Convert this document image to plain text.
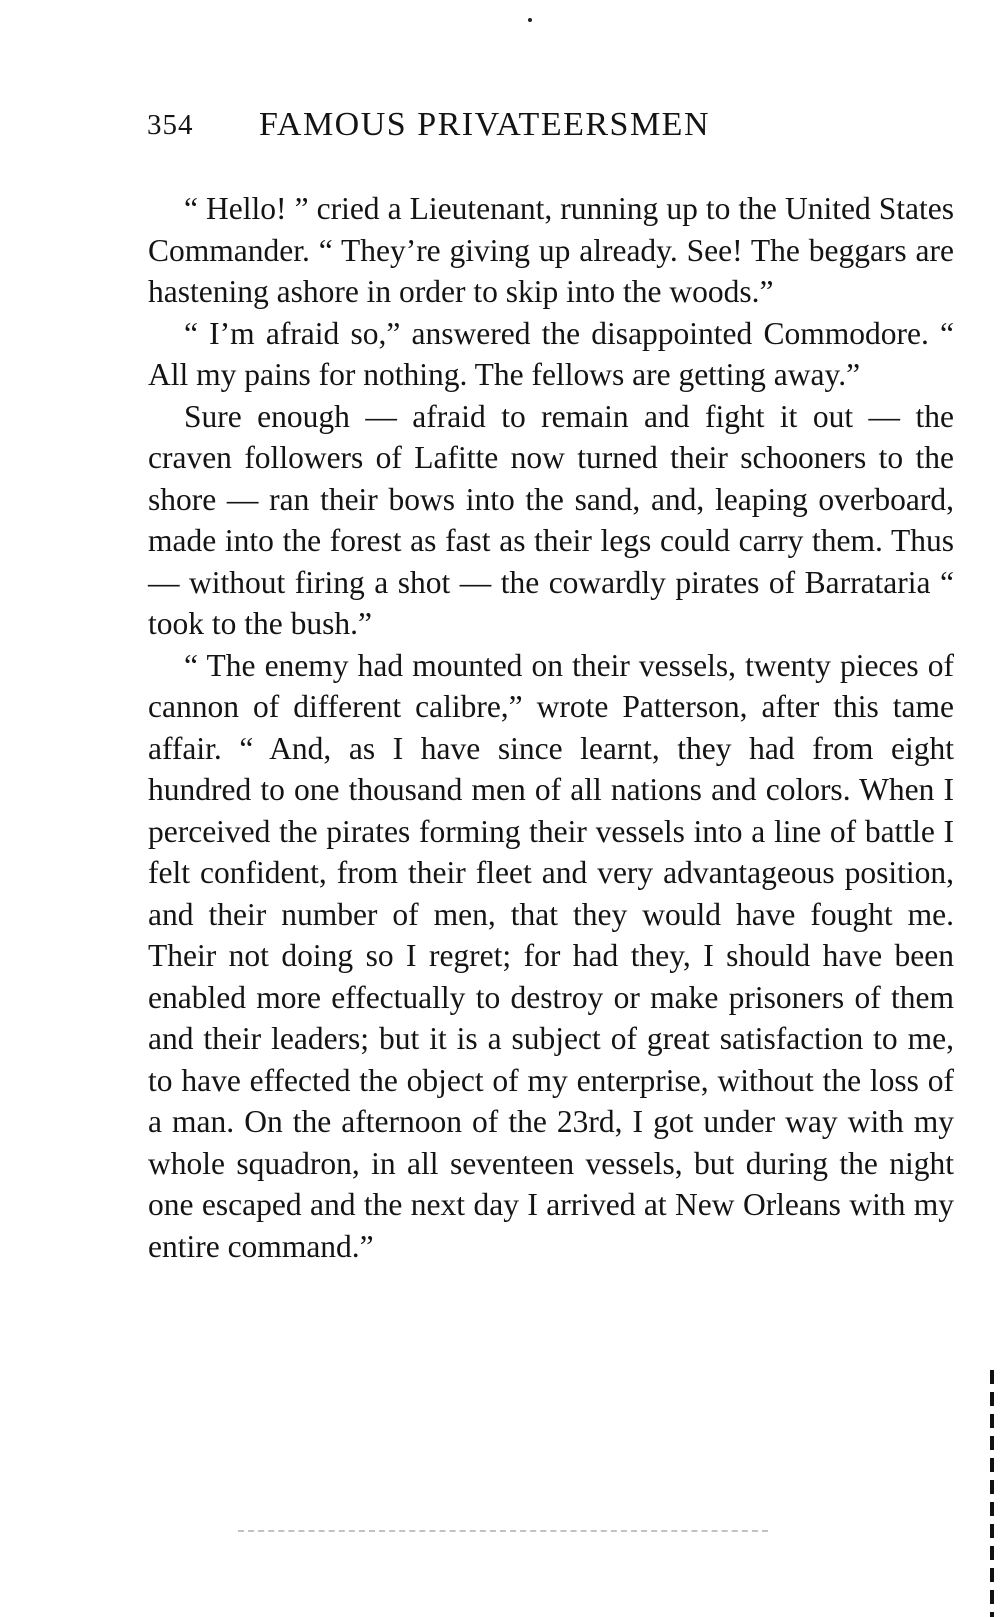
354 FAMOUS PRIVATEERSMEN

“ Hello! ” cried a Lieutenant, running up to the United States Commander. “ They’re giving up already. See! The beggars are hastening ashore in order to skip into the woods.”

“ I’m afraid so,” answered the disappointed Commodore. “ All my pains for nothing. The fellows are getting away.”

Sure enough — afraid to remain and fight it out — the craven followers of Lafitte now turned their schooners to the shore — ran their bows into the sand, and, leaping overboard, made into the forest as fast as their legs could carry them. Thus — without firing a shot — the cowardly pirates of Barrataria “ took to the bush.”

“ The enemy had mounted on their vessels, twenty pieces of cannon of different calibre,” wrote Patterson, after this tame affair. “ And, as I have since learnt, they had from eight hundred to one thousand men of all nations and colors. When I perceived the pirates forming their vessels into a line of battle I felt confident, from their fleet and very advantageous position, and their number of men, that they would have fought me. Their not doing so I regret; for had they, I should have been enabled more effectually to destroy or make prisoners of them and their leaders; but it is a subject of great satisfaction to me, to have effected the object of my enterprise, without the loss of a man. On the afternoon of the 23rd, I got under way with my whole squadron, in all seventeen vessels, but during the night one escaped and the next day I arrived at New Orleans with my entire command.”
